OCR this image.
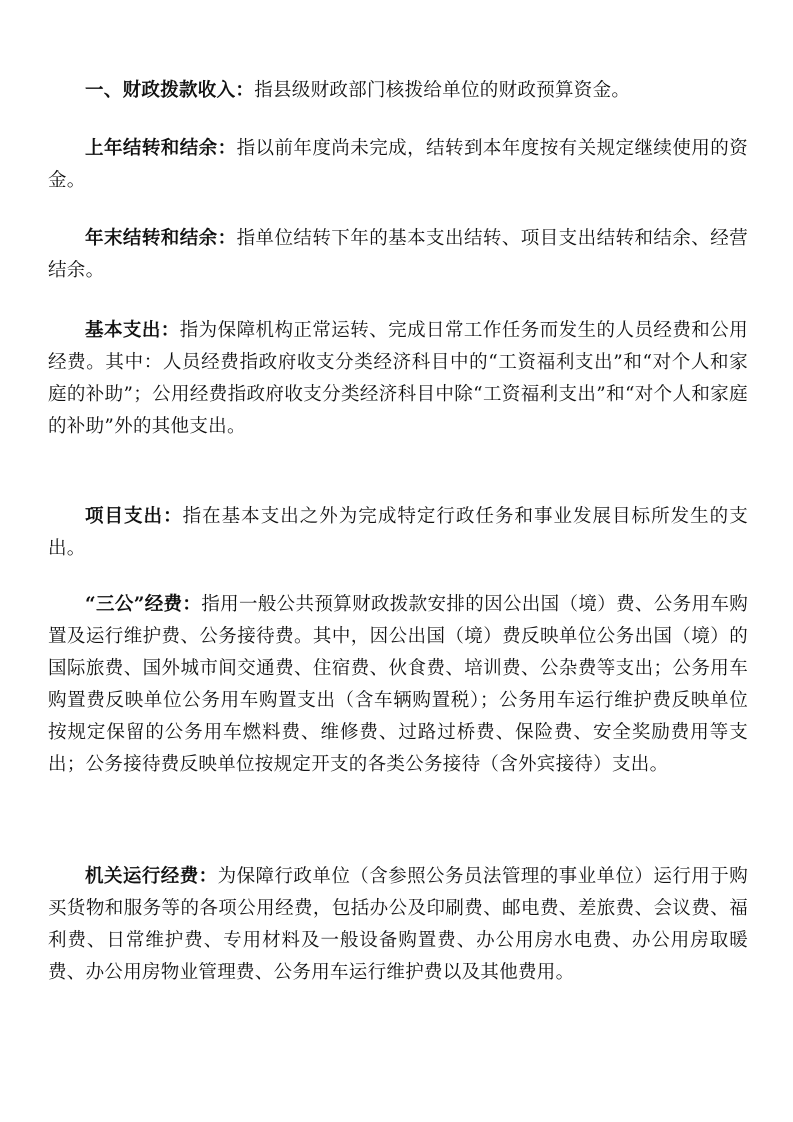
一、财政拨款收入：指县级财政部门核拨给单位的财政预算资金。

上年结转和结余：指以前年度尚未完成，结转到本年度按有关规定继续使用的资金。

年末结转和结余：指单位结转下年的基本支出结转、项目支出结转和结余、经营结余。

基本支出：指为保障机构正常运转、完成日常工作任务而发生的人员经费和公用经费。其中：人员经费指政府收支分类经济科目中的“工资福利支出”和“对个人和家庭的补助”；公用经费指政府收支分类经济科目中除“工资福利支出”和“对个人和家庭的补助”外的其他支出。

项目支出：指在基本支出之外为完成特定行政任务和事业发展目标所发生的支出。

“三公”经费：指用一般公共预算财政拨款安排的因公出国（境）费、公务用车购置及运行维护费、公务接待费。其中，因公出国（境）费反映单位公务出国（境）的国际旅费、国外城市间交通费、住宿费、伙食费、培训费、公杂费等支出；公务用车购置费反映单位公务用车购置支出（含车辆购置税）；公务用车运行维护费反映单位按规定保留的公务用车燃料费、维修费、过路过桥费、保险费、安全奖励费用等支出；公务接待费反映单位按规定开支的各类公务接待（含外宾接待）支出。

机关运行经费：为保障行政单位（含参照公务员法管理的事业单位）运行用于购买货物和服务等的各项公用经费，包括办公及印刷费、邮电费、差旅费、会议费、福利费、日常维护费、专用材料及一般设备购置费、办公用房水电费、办公用房取暖费、办公用房物业管理费、公务用车运行维护费以及其他费用。
